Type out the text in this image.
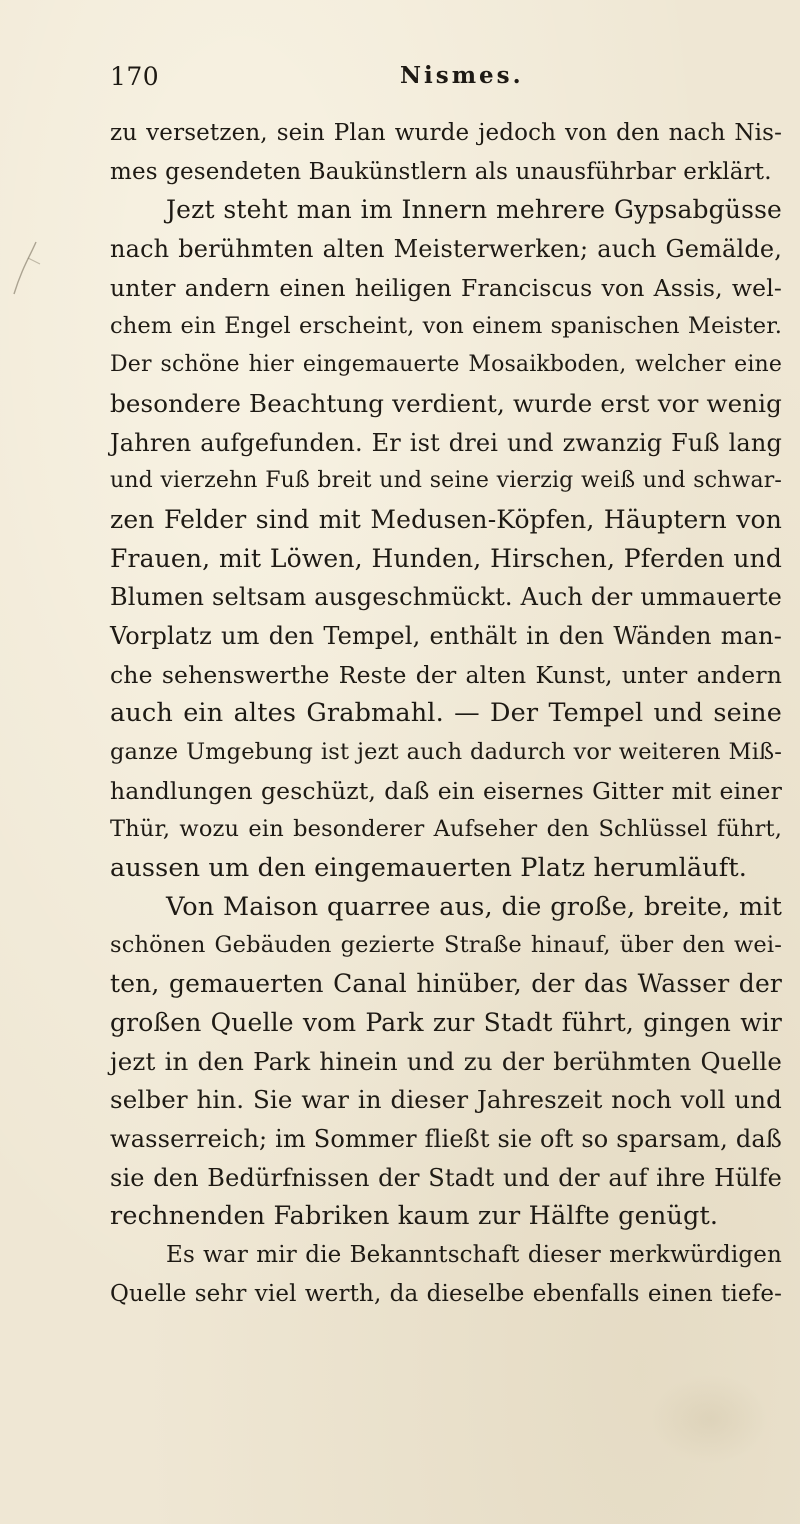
170	Nismes.
zu versetzen, sein Plan wurde jedoch von den nach Nis-
mes gesendeten Baukünstlern als unausführbar erklärt.
Jezt steht man im Innern mehrere Gypsabgüsse
nach berühmten alten Meisterwerken; auch Gemälde,
unter andern einen heiligen Franciscus von Assis, wel-
chem ein Engel erscheint, von einem spanischen Meister.
Der schöne hier eingemauerte Mosaikboden, welcher eine
besondere Beachtung verdient, wurde erst vor wenig
Jahren aufgefunden. Er ist drei und zwanzig Fuß lang
und vierzehn Fuß breit und seine vierzig weiß und schwar-
zen Felder sind mit Medusen-Köpfen, Häuptern von
Frauen, mit Löwen, Hunden, Hirschen, Pferden und
Blumen seltsam ausgeschmückt. Auch der ummauerte
Vorplatz um den Tempel, enthält in den Wänden man-
che sehenswerthe Reste der alten Kunst, unter andern
auch ein altes Grabmahl. — Der Tempel und seine
ganze Umgebung ist jezt auch dadurch vor weiteren Miß-
handlungen geschüzt, daß ein eisernes Gitter mit einer
Thür, wozu ein besonderer Aufseher den Schlüssel führt,
aussen um den eingemauerten Platz herumläuft.
Von Maison quarree aus, die große, breite, mit
schönen Gebäuden gezierte Straße hinauf, über den wei-
ten, gemauerten Canal hinüber, der das Wasser der
großen Quelle vom Park zur Stadt führt, gingen wir
jezt in den Park hinein und zu der berühmten Quelle
selber hin. Sie war in dieser Jahreszeit noch voll und
wasserreich; im Sommer fließt sie oft so sparsam, daß
sie den Bedürfnissen der Stadt und der auf ihre Hülfe
rechnenden Fabriken kaum zur Hälfte genügt.
Es war mir die Bekanntschaft dieser merkwürdigen
Quelle sehr viel werth, da dieselbe ebenfalls einen tiefe-
